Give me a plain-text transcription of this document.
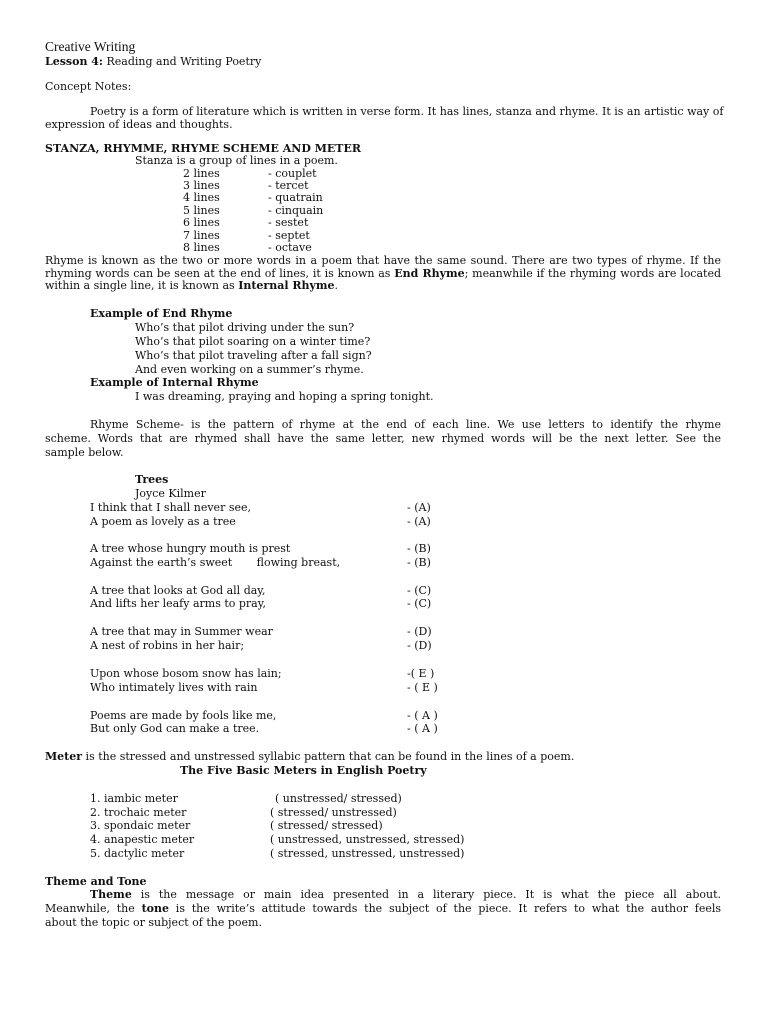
Creative Writing
Lesson 4: Reading and Writing Poetry
Concept Notes:
Poetry is a form of literature which is written in verse form. It has lines, stanza and rhyme. It is an artistic way of
expression of ideas and thoughts.
STANZA, RHYMME, RHYME SCHEME AND METER
Stanza is a group of lines in a poem.
2 lines	- couplet
3 lines	- tercet
4 lines	- quatrain
5 lines	- cinquain
6 lines	- sestet
7 lines	- septet
8 lines	- octave
Rhyme is known as the two or more words in a poem that have the same sound. There are two types of rhyme. If the
rhyming words can be seen at the end of lines, it is known as End Rhyme; meanwhile if the rhyming words are located
within a single line, it is known as Internal Rhyme.
Example of End Rhyme
Who’s that pilot driving under the sun?
Who’s that pilot soaring on a winter time?
Who’s that pilot traveling after a fall sign?
And even working on a summer’s rhyme.
Example of Internal Rhyme
I was dreaming, praying and hoping a spring tonight.
Rhyme Scheme- is the pattern of rhyme at the end of each line. We use letters to identify the rhyme
scheme. Words that are rhymed shall have the same letter, new rhymed words will be the next letter. See the
sample below.
Trees
Joyce Kilmer
I think that I shall never see,	- (A)
A poem as lovely as a tree	- (A)
A tree whose hungry mouth is prest	- (B)
Against the earth’s sweet       flowing breast,	- (B)
A tree that looks at God all day,	- (C)
And lifts her leafy arms to pray,	- (C)
A tree that may in Summer wear	- (D)
A nest of robins in her hair;	- (D)
Upon whose bosom snow has lain;	-( E )
Who intimately lives with rain	- ( E )
Poems are made by fools like me,	- ( A )
But only God can make a tree.	- ( A )
Meter is the stressed and unstressed syllabic pattern that can be found in the lines of a poem.
The Five Basic Meters in English Poetry
1. iambic meter	( unstressed/ stressed)
2. trochaic meter	( stressed/ unstressed)
3. spondaic meter	( stressed/ stressed)
4. anapestic meter	( unstressed, unstressed, stressed)
5. dactylic meter	( stressed, unstressed, unstressed)
Theme and Tone
Theme is the message or main idea presented in a literary piece. It is what the piece all about.
Meanwhile, the tone is the write’s attitude towards the subject of the piece. It refers to what the author feels
about the topic or subject of the poem.
